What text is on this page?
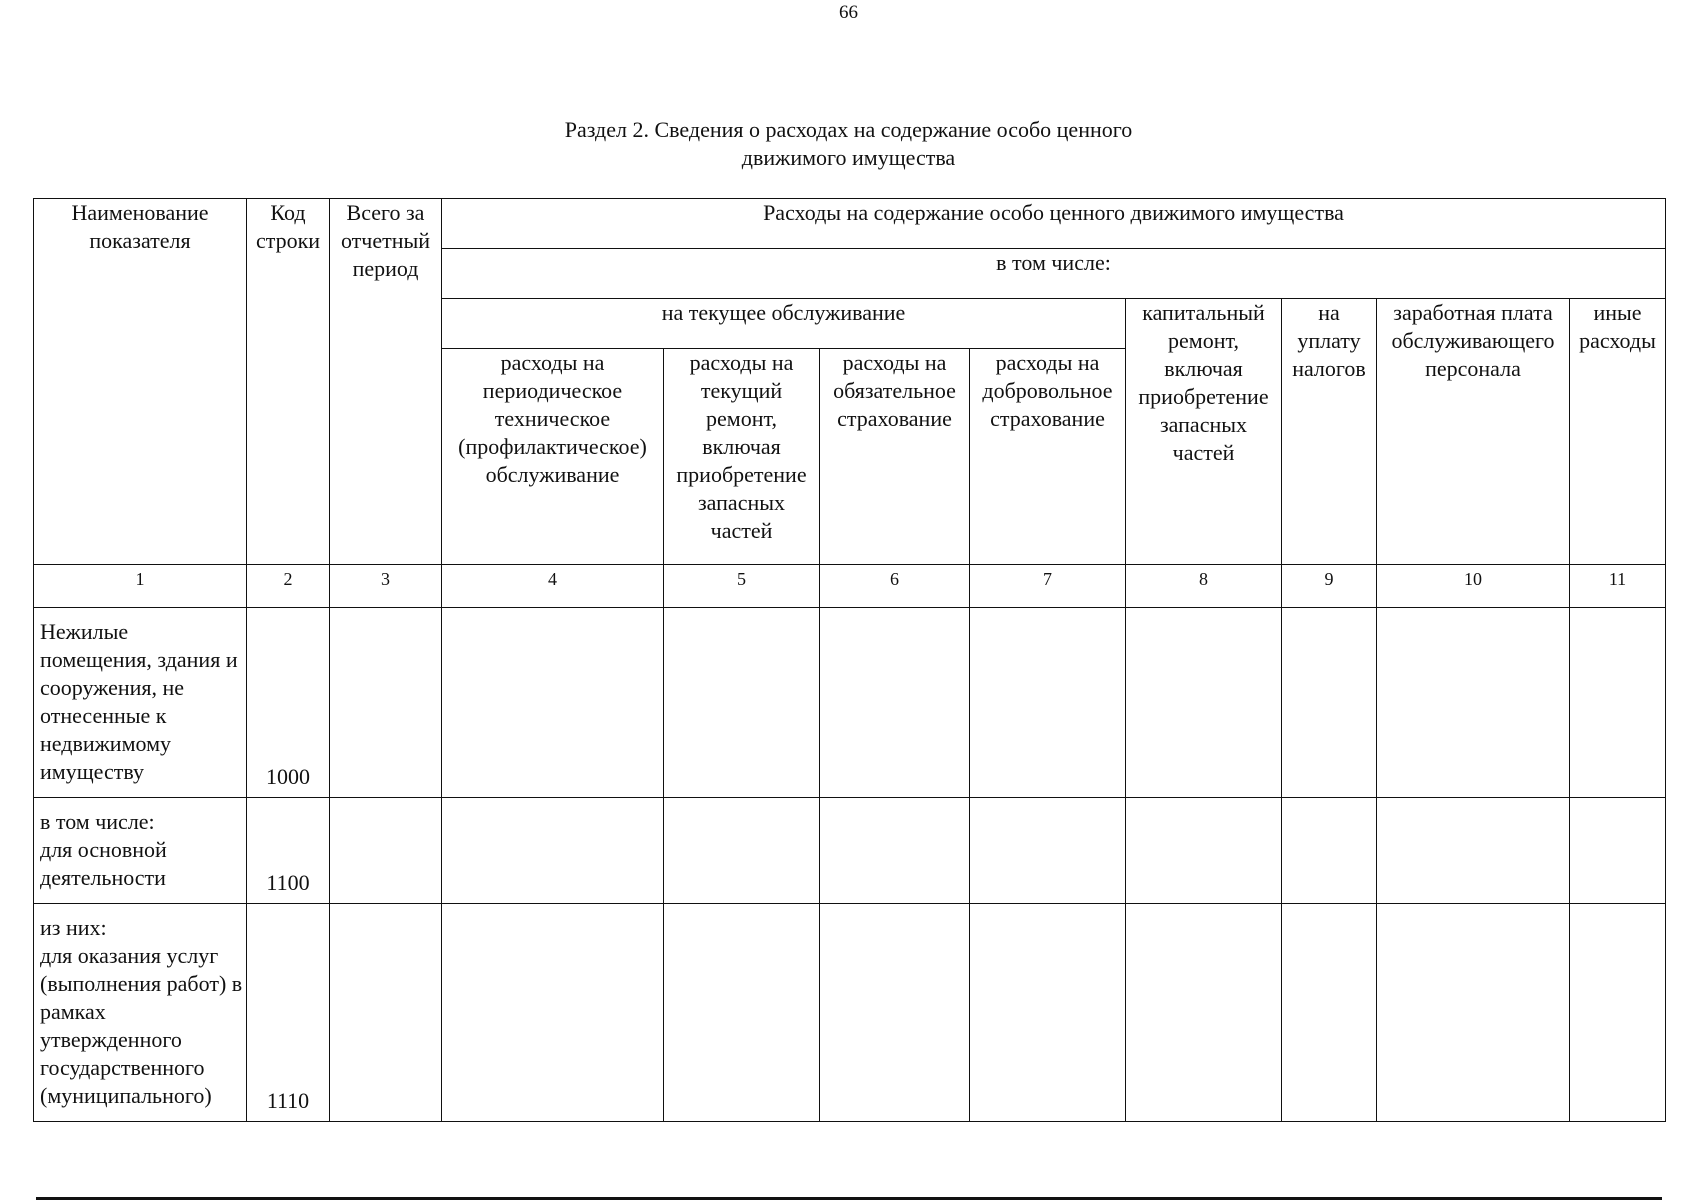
66
Раздел 2. Сведения о расходах на содержание особо ценного
движимого имущества
Наименование показателя	Код строки	Всего за отчетный период	Расходы на содержание особо ценного движимого имущества							
			в том числе:							
			на текущее обслуживание				капитальный ремонт, включая приобретение запасных частей	на уплату налогов	заработная плата обслуживающего персонала	иные расходы
			расходы на периодическое техническое (профилактическое) обслуживание	расходы на текущий ремонт, включая приобретение запасных частей	расходы на обязательное страхование	расходы на добровольное страхование				
1	2	3	4	5	6	7	8	9	10	11
Нежилые помещения, здания и сооружения, не отнесенные к недвижимому имуществу	1000									
в том числе:
для основной деятельности	1100									
из них:
для оказания услуг (выполнения работ) в рамках утвержденного государственного (муниципального)	1110									
